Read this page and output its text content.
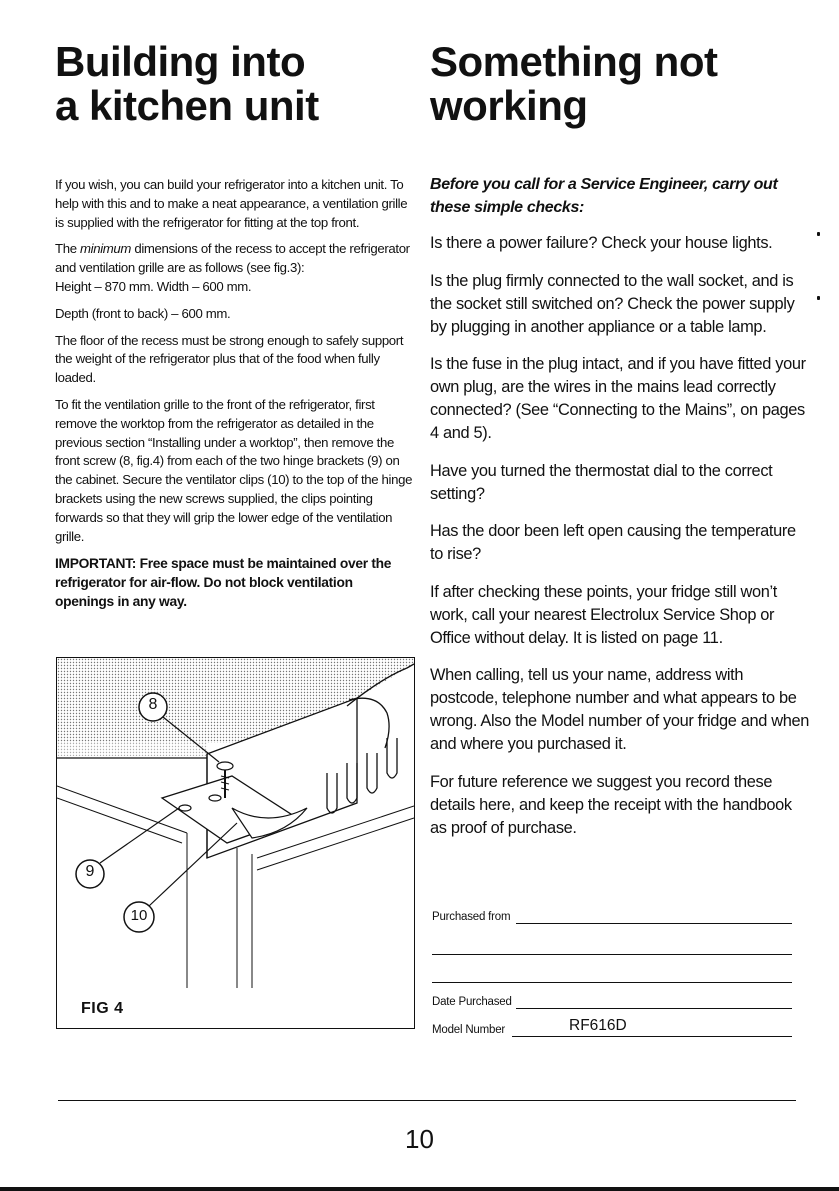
Building into
a kitchen unit
Something not
working

If you wish, you can build your refrigerator into a kitchen unit. To help with this and to make a neat appearance, a ventilation grille is supplied with the refrigerator for fitting at the top front.

The minimum dimensions of the recess to accept the refrigerator and ventilation grille are as follows (see fig.3):
Height – 870 mm. Width – 600 mm.

Depth (front to back) – 600 mm.

The floor of the recess must be strong enough to safely support the weight of the refrigerator plus that of the food when fully loaded.

To fit the ventilation grille to the front of the refrigerator, first remove the worktop from the refrigerator as detailed in the previous section “Installing under a worktop”, then remove the front screw (8, fig.4) from each of the two hinge brackets (9) on the cabinet. Secure the ventilator clips (10) to the top of the hinge brackets using the new screws supplied, the clips pointing forwards so that they will grip the lower edge of the ventilation grille.

IMPORTANT: Free space must be maintained over the refrigerator for air-flow. Do not block ventilation openings in any way.

8
9
10
FIG 4

Before you call for a Service Engineer, carry out these simple checks:

Is there a power failure? Check your house lights.

Is the plug firmly connected to the wall socket, and is the socket still switched on? Check the power supply by plugging in another appliance or a table lamp.

Is the fuse in the plug intact, and if you have fitted your own plug, are the wires in the mains lead correctly connected? (See “Connecting to the Mains”, on pages 4 and 5).

Have you turned the thermostat dial to the correct setting?

Has the door been left open causing the temperature to rise?

If after checking these points, your fridge still won’t work, call your nearest Electrolux Service Shop or Office without delay. It is listed on page 11.

When calling, tell us your name, address with postcode, telephone number and what appears to be wrong. Also the Model number of your fridge and when and where you purchased it.

For future reference we suggest you record these details here, and keep the receipt with the handbook as proof of purchase.

Purchased from
Date Purchased
Model Number	RF616D
10
